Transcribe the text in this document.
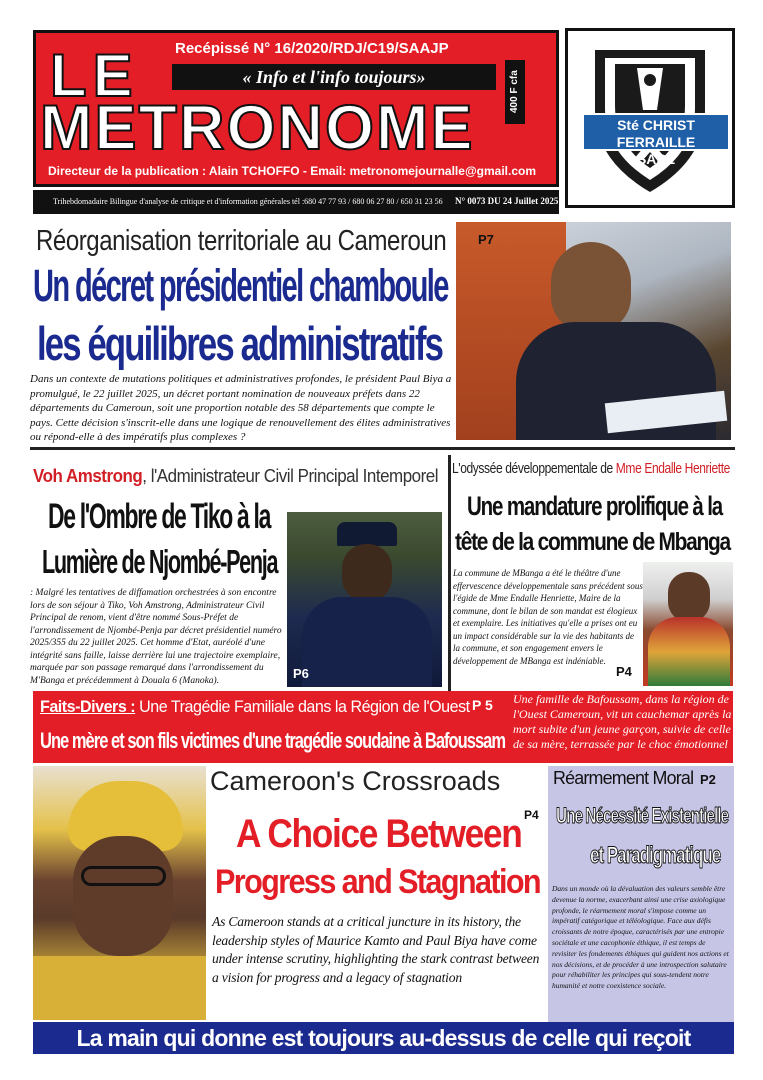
LE
METRONOME
Recépissé N° 16/2020/RDJ/C19/SAAJP
« Info et l'info toujours»	400 F cfa
Directeur de la publication : Alain TCHOFFO - Email: metronomejournalle@gmail.com
Sté CHRIST FERRAILLE
SARL
Trihebdomadaire Bilingue d'analyse de critique et d'information générales tél :680 47 77 93 / 680 06 27 80 / 650 31 23 56	N° 0073 DU 24 Juillet 2025
Réorganisation territoriale au Cameroun
Un décret présidentiel chamboule
les équilibres administratifs
Dans un contexte de mutations politiques et administratives profondes, le président Paul Biya a promulgué, le 22 juillet 2025, un décret portant nomination de nouveaux préfets dans 22 départements du Cameroun, soit une proportion notable des 58 départements que compte le pays. Cette décision s'inscrit-elle dans une logique de renouvellement des élites administratives ou répond-elle à des impératifs plus complexes ?
P7
Voh Amstrong, l'Administrateur Civil Principal Intemporel
De l'Ombre de Tiko à la
Lumière de Njombé-Penja
: Malgré les tentatives de diffamation orchestrées à son encontre lors de son séjour à Tiko, Voh Amstrong, Administrateur Civil Principal de renom, vient d'être nommé Sous-Préfet de l'arrondissement de Njombé-Penja par décret présidentiel numéro 2025/355 du 22 juillet 2025. Cet homme d'Etat, auréolé d'une intégrité sans faille, laisse derrière lui une trajectoire exemplaire, marquée par son passage remarqué dans l'arrondissement du M'Banga et précédemment à Douala 6 (Manoka).	P6
L'odyssée développementale de Mme Endalle Henriette
Une mandature prolifique à la
tête de la commune de Mbanga
La commune de MBanga a été le théâtre d'une effervescence développementale sans précédent sous l'égide de Mme Endalle Henriette, Maire de la commune, dont le bilan de son mandat est élogieux et exemplaire. Les initiatives qu'elle a prises ont eu un impact considérable sur la vie des habitants de la commune, et son engagement envers le développement de MBanga est indéniable.
P4
Faits-Divers : Une Tragédie Familiale dans la Région de l'Ouest P 5
Une mère et son fils victimes d'une tragédie soudaine à Bafoussam
Une famille de Bafoussam, dans la région de l'Ouest Cameroun, vit un cauchemar après la mort subite d'un jeune garçon, suivie de celle de sa mère, terrassée par le choc émotionnel
Cameroon's Crossroads
A Choice Between P4
Progress and Stagnation
As Cameroon stands at a critical juncture in its history, the leadership styles of Maurice Kamto and Paul Biya have come under intense scrutiny, highlighting the stark contrast between a vision for progress and a legacy of stagnation
Réarmement Moral P2
Une Nécessité Existentielle
et Paradigmatique
Dans un monde où la dévaluation des valeurs semble être devenue la norme, exacerbant ainsi une crise axiologique profonde, le réarmement moral s'impose comme un impératif catégorique et téléologique. Face aux défis croissants de notre époque, caractérisés par une entropie sociétale et une cacophonie éthique, il est temps de revisiter les fondements éthiques qui guident nos actions et nos décisions, et de procéder à une introspection salutaire pour réhabiliter les principes qui sous-tendent notre humanité et notre coexistence sociale.
La main qui donne est toujours au-dessus de celle qui reçoit
